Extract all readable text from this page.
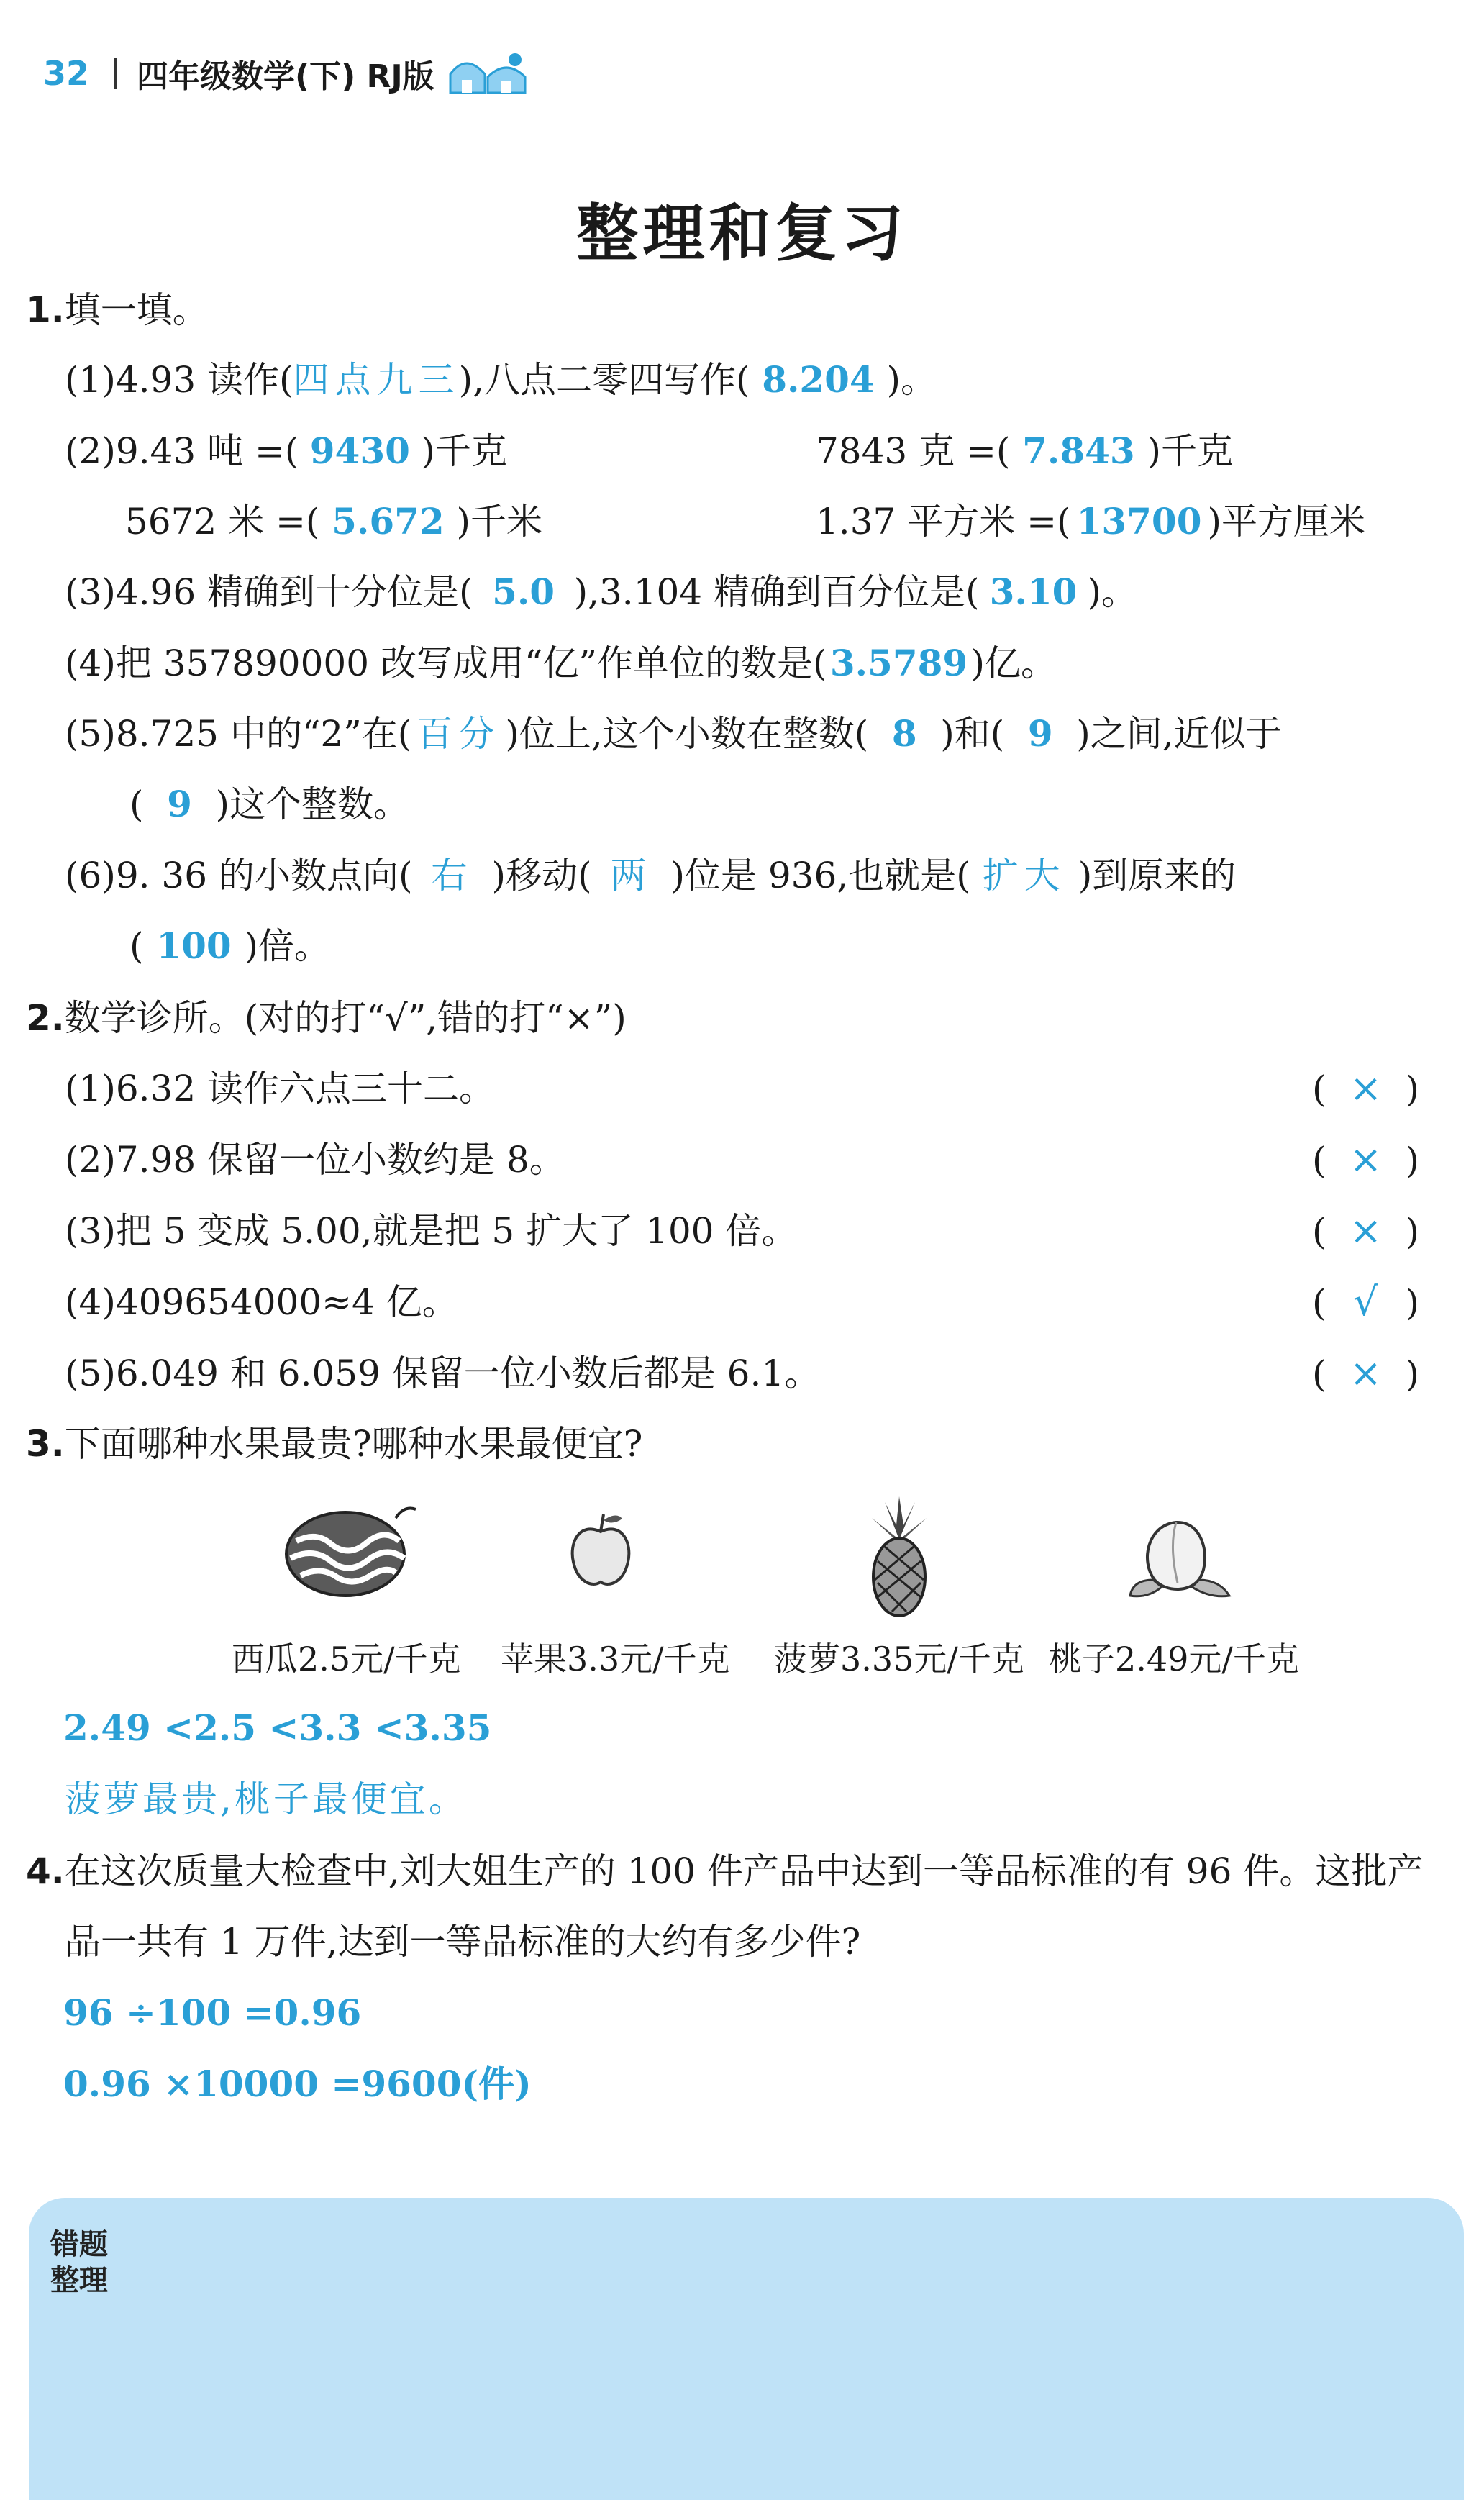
32 四年级数学(下) RJ版
整理和复习
1.填一填。
(1)4.93 读作(四点九三),八点二零四写作( 8.204 )。
(2)9.43 吨 =( 9430 )千克	7843 克 =( 7.843 )千克
5672 米 =( 5.672 )千米	1.37 平方米 =( 13700 )平方厘米
(3)4.96 精确到十分位是( 5.0 ),3.104 精确到百分位是( 3.10 )。
(4)把 357890000 改写成用“亿”作单位的数是(3.5789)亿。
(5)8.725 中的“2”在( 百分 )位上,这个小数在整数( 8 )和( 9 )之间,近似于
( 9 )这个整数。
(6)9. 36 的小数点向( 右 )移动( 两 )位是 936,也就是( 扩大 )到原来的
( 100 )倍。
2.数学诊所。(对的打“√”,错的打“×”)
(1)6.32 读作六点三十二。	( × )
(2)7.98 保留一位小数约是 8。	( × )
(3)把 5 变成 5.00,就是把 5 扩大了 100 倍。	( × )
(4)409654000≈4 亿。	( √ )
(5)6.049 和 6.059 保留一位小数后都是 6.1。	( × )
3.下面哪种水果最贵?哪种水果最便宜?
西瓜2.5元/千克 苹果3.3元/千克 菠萝3.35元/千克 桃子2.49元/千克
2.49 <2.5 <3.3 <3.35
菠萝最贵,桃子最便宜。
4.在这次质量大检查中,刘大姐生产的 100 件产品中达到一等品标准的有 96 件。这批产
品一共有 1 万件,达到一等品标准的大约有多少件?
96 ÷100 =0.96
0.96 ×10000 =9600(件)
错题
整理
